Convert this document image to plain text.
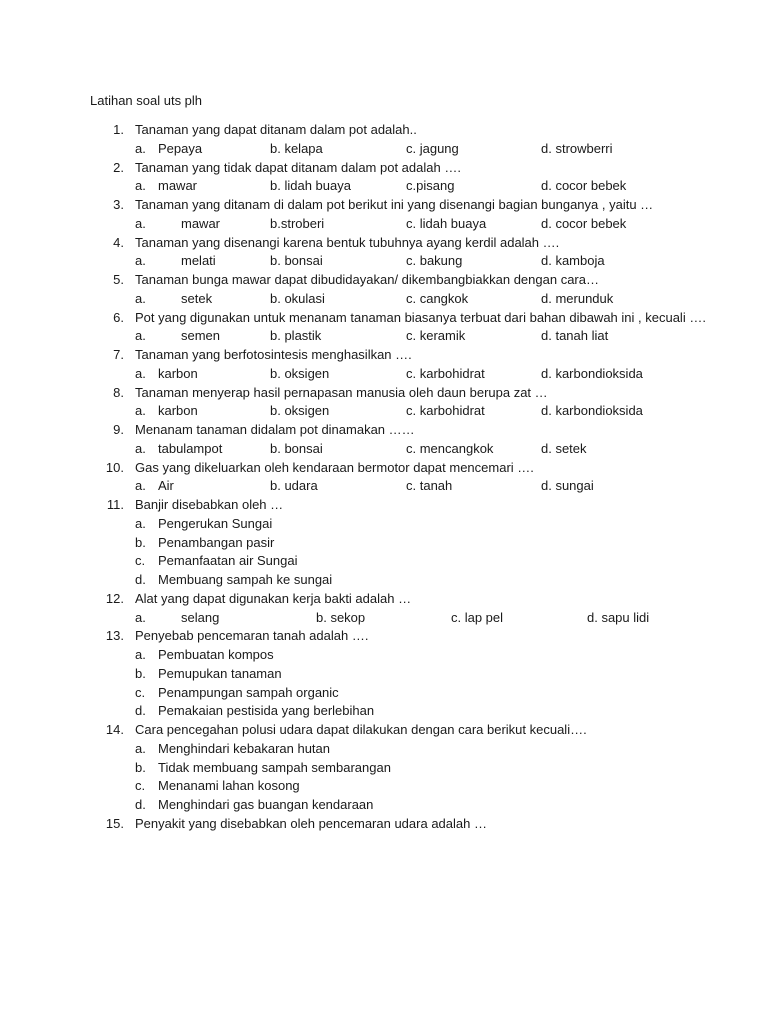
Latihan soal uts plh
1. Tanaman yang dapat ditanam dalam pot adalah..
a. Pepaya	b. kelapa	c. jagung	d. strowberri
2. Tanaman yang tidak dapat ditanam dalam pot adalah ….
a. mawar	b. lidah buaya	c.pisang	d. cocor bebek
3. Tanaman yang ditanam di dalam pot berikut ini yang disenangi bagian bunganya , yaitu …
a.	mawar	b.stroberi	c. lidah buaya	d. cocor bebek
4. Tanaman yang disenangi karena bentuk tubuhnya ayang kerdil adalah ….
a.	melati	b. bonsai	c. bakung	d. kamboja
5. Tanaman bunga mawar dapat dibudidayakan/ dikembangbiakkan dengan cara…
a.	setek	b. okulasi	c. cangkok	d. merunduk
6. Pot yang digunakan untuk menanam tanaman biasanya terbuat dari bahan dibawah ini , kecuali ….
a.	semen	b. plastik	c. keramik	d. tanah liat
7. Tanaman yang berfotosintesis menghasilkan ….
a. karbon	b. oksigen	c. karbohidrat	d. karbondioksida
8. Tanaman menyerap hasil pernapasan manusia oleh daun berupa zat …
a. karbon	b. oksigen	c. karbohidrat	d. karbondioksida
9. Menanam tanaman didalam pot dinamakan ……
a. tabulampot	b. bonsai	c. mencangkok	d. setek
10. Gas yang dikeluarkan oleh kendaraan bermotor dapat mencemari ….
a. Air	b. udara	c. tanah	d. sungai
11. Banjir disebabkan oleh …
a. Pengerukan Sungai
b. Penambangan pasir
c. Pemanfaatan air Sungai
d. Membuang sampah ke sungai
12. Alat yang dapat digunakan kerja bakti adalah …
a.	selang	b. sekop	c. lap pel	d. sapu lidi
13. Penyebab pencemaran tanah adalah ….
a. Pembuatan kompos
b. Pemupukan tanaman
c. Penampungan sampah organic
d. Pemakaian pestisida yang berlebihan
14. Cara pencegahan polusi udara dapat dilakukan dengan cara berikut kecuali….
a. Menghindari kebakaran hutan
b. Tidak membuang sampah sembarangan
c. Menanami lahan kosong
d. Menghindari gas buangan kendaraan
15. Penyakit yang disebabkan oleh pencemaran udara adalah …
